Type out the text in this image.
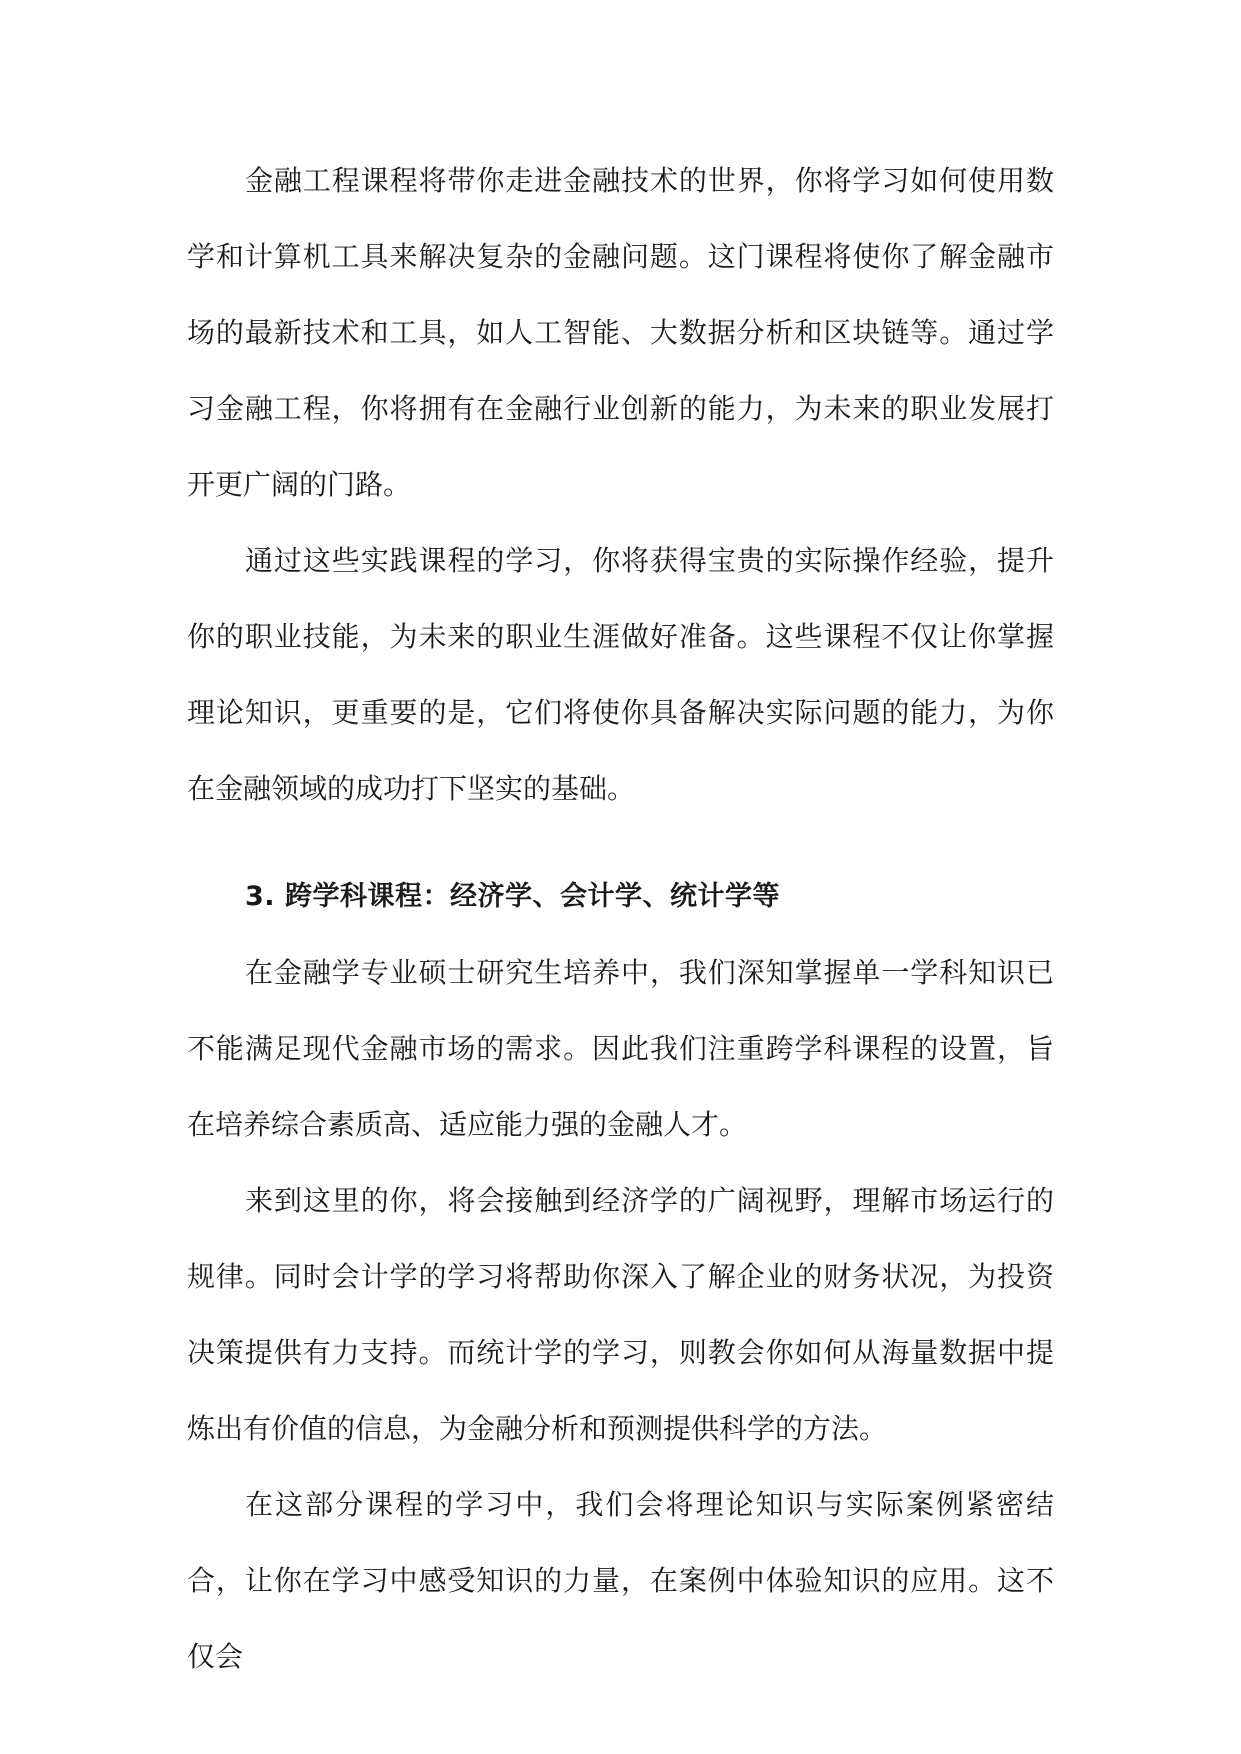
金融工程课程将带你走进金融技术的世界，你将学习如何使用数学和计算机工具来解决复杂的金融问题。这门课程将使你了解金融市场的最新技术和工具，如人工智能、大数据分析和区块链等。通过学习金融工程，你将拥有在金融行业创新的能力，为未来的职业发展打开更广阔的门路。

通过这些实践课程的学习，你将获得宝贵的实际操作经验，提升你的职业技能，为未来的职业生涯做好准备。这些课程不仅让你掌握理论知识，更重要的是，它们将使你具备解决实际问题的能力，为你在金融领域的成功打下坚实的基础。

3. 跨学科课程：经济学、会计学、统计学等

在金融学专业硕士研究生培养中，我们深知掌握单一学科知识已不能满足现代金融市场的需求。因此我们注重跨学科课程的设置，旨在培养综合素质高、适应能力强的金融人才。

来到这里的你，将会接触到经济学的广阔视野，理解市场运行的规律。同时会计学的学习将帮助你深入了解企业的财务状况，为投资决策提供有力支持。而统计学的学习，则教会你如何从海量数据中提炼出有价值的信息，为金融分析和预测提供科学的方法。

在这部分课程的学习中，我们会将理论知识与实际案例紧密结合，让你在学习中感受知识的力量，在案例中体验知识的应用。这不仅会
